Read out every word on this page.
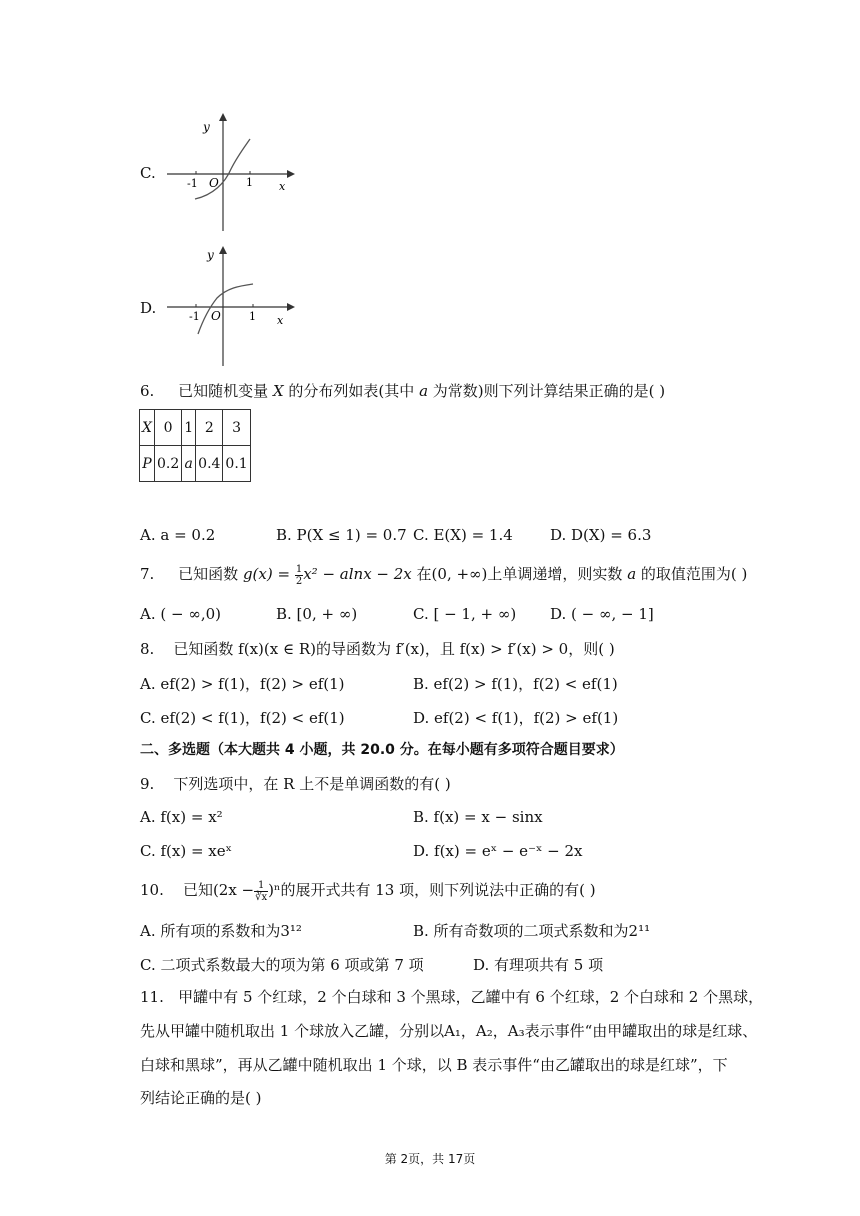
C.
y
x
O
-1	1
D.
y
x
O
-1	1
6. 已知随机变量 X 的分布列如表(其中 a 为常数)则下列计算结果正确的是( )
X	0	1	2	3
P	0.2	a	0.4	0.1
A. a = 0.2	B. P(X ≤ 1) = 0.7 C. E(X) = 1.4 D. D(X) = 6.3
7. 已知函数 $g(x) = \frac{1}{2} x^2 - alnx - 2x$ 在(0, +∞)上单调递增，则实数 a 的取值范围为( )
A. ( − ∞,0)	B. [0, + ∞)	C. [ − 1, + ∞) D. ( − ∞, − 1]
8. 已知函数 f(x)(x ∈ R)的导函数为 f′(x)，且 f(x) > f′(x) > 0，则( )
A. ef(2) > f(1)，f(2) > ef(1)	B. ef(2) > f(1)，f(2) < ef(1)
C. ef(2) < f(1)，f(2) < ef(1)	D. ef(2) < f(1)，f(2) > ef(1)
二、多选题（本大题共 4 小题，共 20.0 分。在每小题有多项符合题目要求）
9. 下列选项中，在 R 上不是单调函数的有( )
A. f(x) = x²	B. f(x) = x − sinx
C. f(x) = xeˣ	D. f(x) = eˣ − e⁻ˣ − 2x
10. 已知$(2x - \frac{1}{∛x} )^n$的展开式共有 13 项，则下列说法中正确的有( )
A. 所有项的系数和为3¹²	B. 所有奇数项的二项式系数和为2¹¹
C. 二项式系数最大的项为第 6 项或第 7 项	D. 有理项共有 5 项
11. 甲罐中有 5 个红球，2 个白球和 3 个黑球，乙罐中有 6 个红球，2 个白球和 2 个黑球，
先从甲罐中随机取出 1 个球放入乙罐，分别以A₁，A₂，A₃表示事件“由甲罐取出的球是红球、
白球和黑球”，再从乙罐中随机取出 1 个球，以 B 表示事件“由乙罐取出的球是红球”，下
列结论正确的是( )
第 2页，共 17页
